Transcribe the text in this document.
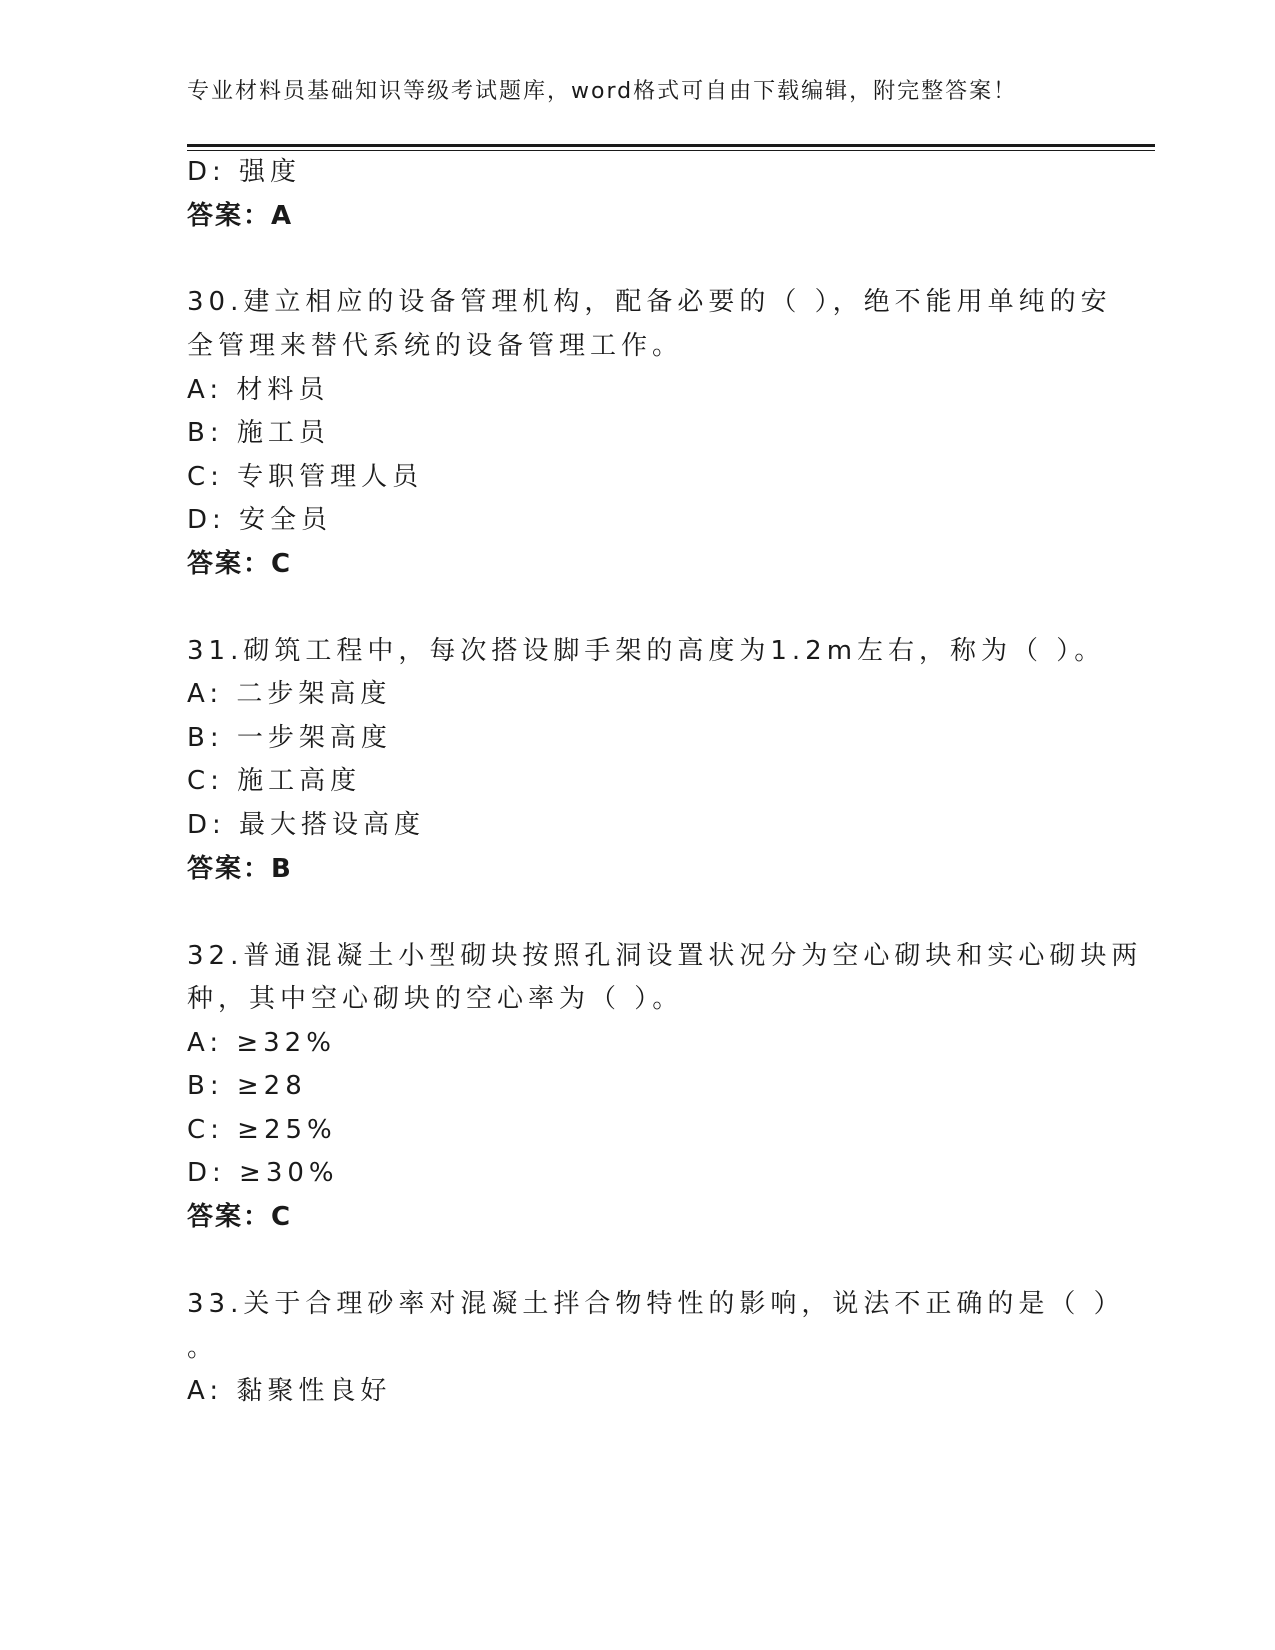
专业材料员基础知识等级考试题库，word格式可自由下载编辑，附完整答案！
D: 强度
答案：A
30.建立相应的设备管理机构，配备必要的（ ），绝不能用单纯的安
全管理来替代系统的设备管理工作。
A: 材料员
B: 施工员
C: 专职管理人员
D: 安全员
答案：C
31.砌筑工程中，每次搭设脚手架的高度为1.2m左右，称为（ ）。
A: 二步架高度
B: 一步架高度
C: 施工高度
D: 最大搭设高度
答案：B
32.普通混凝土小型砌块按照孔洞设置状况分为空心砌块和实心砌块两
种，其中空心砌块的空心率为（ ）。
A: ≥32%
B: ≥28
C: ≥25%
D: ≥30%
答案：C
33.关于合理砂率对混凝土拌合物特性的影响，说法不正确的是（ ）
。
A: 黏聚性良好
